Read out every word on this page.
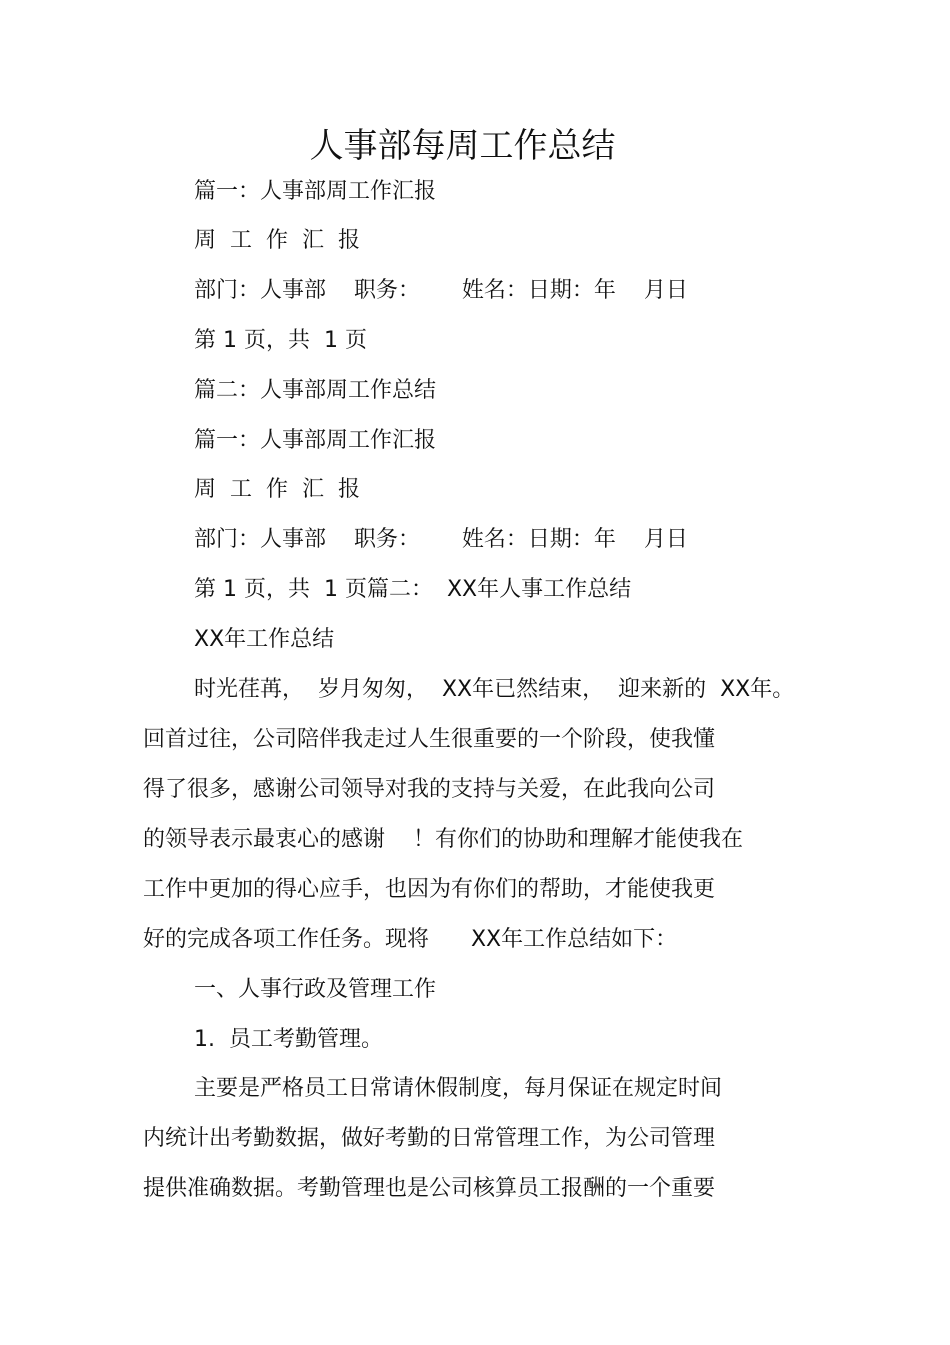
人事部每周工作总结

篇一：人事部周工作汇报

周  工  作  汇  报

部门：人事部    职务：      姓名：日期：年    月日

第 1 页，共  1 页

篇二：人事部周工作总结

篇一：人事部周工作汇报

周  工  作  汇  报

部门：人事部    职务：      姓名：日期：年    月日

第 1 页，共  1 页篇二：  XX年人事工作总结

XX年工作总结

时光荏苒，  岁月匆匆，  XX年已然结束，  迎来新的  XX年。

回首过往，公司陪伴我走过人生很重要的一个阶段，使我懂

得了很多，感谢公司领导对我的支持与关爱，在此我向公司

的领导表示最衷心的感谢    ！有你们的协助和理解才能使我在

工作中更加的得心应手，也因为有你们的帮助，才能使我更

好的完成各项工作任务。现将      XX年工作总结如下：

一、人事行政及管理工作

1.  员工考勤管理。

主要是严格员工日常请休假制度，每月保证在规定时间

内统计出考勤数据，做好考勤的日常管理工作，为公司管理

提供准确数据。考勤管理也是公司核算员工报酬的一个重要
